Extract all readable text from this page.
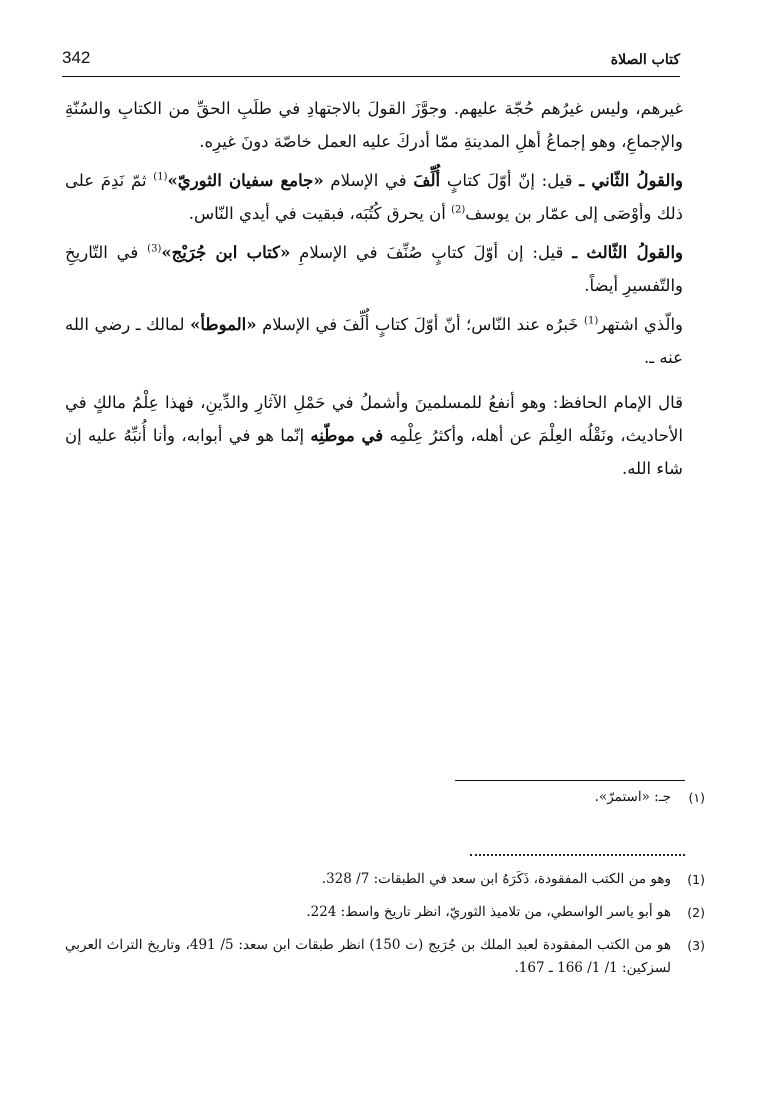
342	كتاب الصلاة

غيرهم، وليس غيرُهم حُجّة عليهم. وجوَّزَ القولَ بالاجتهادِ في طلَبِ الحقِّ من الكتابِ والسُنّةِ والإجماعِ، وهو إجماعُ أهلِ المدينةِ ممّا أدركَ عليه العمل خاصّة دونَ غيرِه.

والقولُ الثّاني ـ قيل: إنّ أوّلَ كتابٍ أُلِّفَ في الإسلام «جامع سفيان الثوريّ»$^{(1)}$ ثمّ نَدِمَ على ذلك وأوْصَى إلى عمّار بن يوسف$^{(2)}$ أن يحرق كُتُبَه، فبقيت في أيدي النّاس.

والقولُ الثّالث ـ قيل: إن أوّلَ كتابٍ صُنِّفَ في الإسلامِ «كتاب ابن جُرَيْج»$^{(3)}$ في التّاريخِ والتّفسيرِ أيضاً.

والّذي اشتهر$^{(1)}$ خَبرُه عند النّاس؛ أنّ أوّلَ كتابٍ أُلِّفَ في الإسلام «الموطأ» لمالك ـ رضي الله عنه ـ.

قال الإمام الحافظ: وهو أنفعُ للمسلمينَ وأشملُ في حَمْلِ الآثارِ والدِّينِ، فهذا عِلْمُ مالكٍ في الأحاديث، ونَقْلُه العِلْمَ عن أهله، وأكثرُ عِلْمِه في موطّنِه إنّما هو في أبوابه، وأنا أُنبِّهُ عليه إن شاء الله.

(١)
جـ: «استمرّ».
(1)
وهو من الكتب المفقودة، ذَكَرَهُ ابن سعد في الطبقات: 7/ 328.
(2)
هو أبو ياسر الواسطي، من تلاميذ الثوريّ، انظر تاريخ واسط: 224.
(3)
هو من الكتب المفقودة لعبد الملك بن جُرَيج (ت 150) انظر طبقات ابن سعد: 5/ 491، وتاريخ التراث العربي لسزكين: 1/ 1/ 166 ـ 167.
